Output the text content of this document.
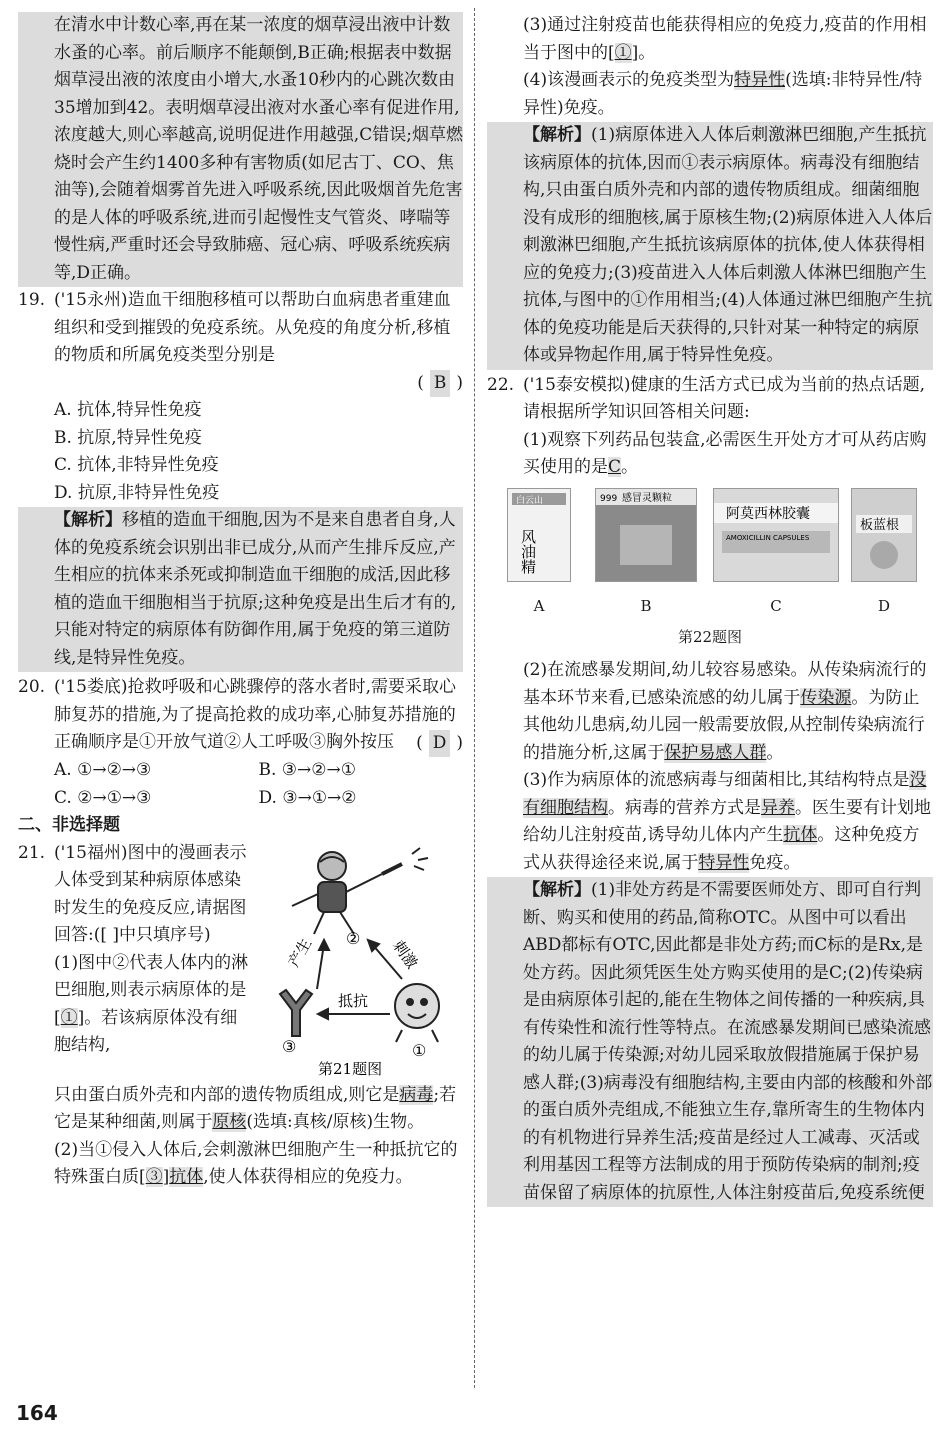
在清水中计数心率,再在某一浓度的烟草浸出液中计数水蚤的心率。前后顺序不能颠倒,B正确;根据表中数据烟草浸出液的浓度由小增大,水蚤10秒内的心跳次数由35增加到42。表明烟草浸出液对水蚤心率有促进作用,浓度越大,则心率越高,说明促进作用越强,C错误;烟草燃烧时会产生约1400多种有害物质(如尼古丁、CO、焦油等),会随着烟雾首先进入呼吸系统,因此吸烟首先危害的是人体的呼吸系统,进而引起慢性支气管炎、哮喘等慢性病,严重时还会导致肺癌、冠心病、呼吸系统疾病等,D正确。

19. ('15永州)造血干细胞移植可以帮助白血病患者重建血组织和受到摧毁的免疫系统。从免疫的角度分析,移植的物质和所属免疫类型分别是

( B )

A. 抗体,特异性免疫

B. 抗原,特异性免疫

C. 抗体,非特异性免疫

D. 抗原,非特异性免疫

【解析】移植的造血干细胞,因为不是来自患者自身,人体的免疫系统会识别出非已成分,从而产生排斥反应,产生相应的抗体来杀死或抑制造血干细胞的成活,因此移植的造血干细胞相当于抗原;这种免疫是出生后才有的,只能对特定的病原体有防御作用,属于免疫的第三道防线,是特异性免疫。

20. ('15娄底)抢救呼吸和心跳骤停的落水者时,需要采取心肺复苏的措施,为了提高抢救的成功率,心肺复苏措施的正确顺序是①开放气道②人工呼吸③胸外按压	( D )

A. ①→②→③	B. ③→②→①

C. ②→①→③	D. ③→①→②

二、非选择题

21. ('15福州)图中的漫画表示人体受到某种病原体感染时发生的免疫反应,请据图回答:([ ]中只填序号)

(1)图中②代表人体内的淋巴细胞,则表示病原体的是[①]。若该病原体没有细胞结构,

产生	刺激
抵抗
②
③	①
第21题图

只由蛋白质外壳和内部的遗传物质组成,则它是病毒;若它是某种细菌,则属于原核(选填:真核/原核)生物。

(2)当①侵入人体后,会刺激淋巴细胞产生一种抵抗它的特殊蛋白质[③]抗体,使人体获得相应的免疫力。

(3)通过注射疫苗也能获得相应的免疫力,疫苗的作用相当于图中的[①]。

(4)该漫画表示的免疫类型为特异性(选填:非特异性/特异性)免疫。

【解析】(1)病原体进入人体后刺激淋巴细胞,产生抵抗该病原体的抗体,因而①表示病原体。病毒没有细胞结构,只由蛋白质外壳和内部的遗传物质组成。细菌细胞没有成形的细胞核,属于原核生物;(2)病原体进入人体后刺激淋巴细胞,产生抵抗该病原体的抗体,使人体获得相应的免疫力;(3)疫苗进入人体后刺激人体淋巴细胞产生抗体,与图中的①作用相当;(4)人体通过淋巴细胞产生抗体的免疫功能是后天获得的,只针对某一种特定的病原体或异物起作用,属于特异性免疫。

22. ('15泰安模拟)健康的生活方式已成为当前的热点话题,请根据所学知识回答相关问题:

(1)观察下列药品包装盒,必需医生开处方才可从药店购买使用的是C。

白云山
风油精
A
999 感冒灵颗粒
B
阿莫西林胶囊
AMOXICILLIN CAPSULES
C
板蓝根
D

第22题图

(2)在流感暴发期间,幼儿较容易感染。从传染病流行的基本环节来看,已感染流感的幼儿属于传染源。为防止其他幼儿患病,幼儿园一般需要放假,从控制传染病流行的措施分析,这属于保护易感人群。

(3)作为病原体的流感病毒与细菌相比,其结构特点是没有细胞结构。病毒的营养方式是异养。医生要有计划地给幼儿注射疫苗,诱导幼儿体内产生抗体。这种免疫方式从获得途径来说,属于特异性免疫。

【解析】(1)非处方药是不需要医师处方、即可自行判断、购买和使用的药品,简称OTC。从图中可以看出ABD都标有OTC,因此都是非处方药;而C标的是Rx,是处方药。因此须凭医生处方购买使用的是C;(2)传染病是由病原体引起的,能在生物体之间传播的一种疾病,具有传染性和流行性等特点。在流感暴发期间已感染流感的幼儿属于传染源;对幼儿园采取放假措施属于保护易感人群;(3)病毒没有细胞结构,主要由内部的核酸和外部的蛋白质外壳组成,不能独立生存,靠所寄生的生物体内的有机物进行异养生活;疫苗是经过人工减毒、灭活或利用基因工程等方法制成的用于预防传染病的制剂;疫苗保留了病原体的抗原性,人体注射疫苗后,免疫系统便

164
